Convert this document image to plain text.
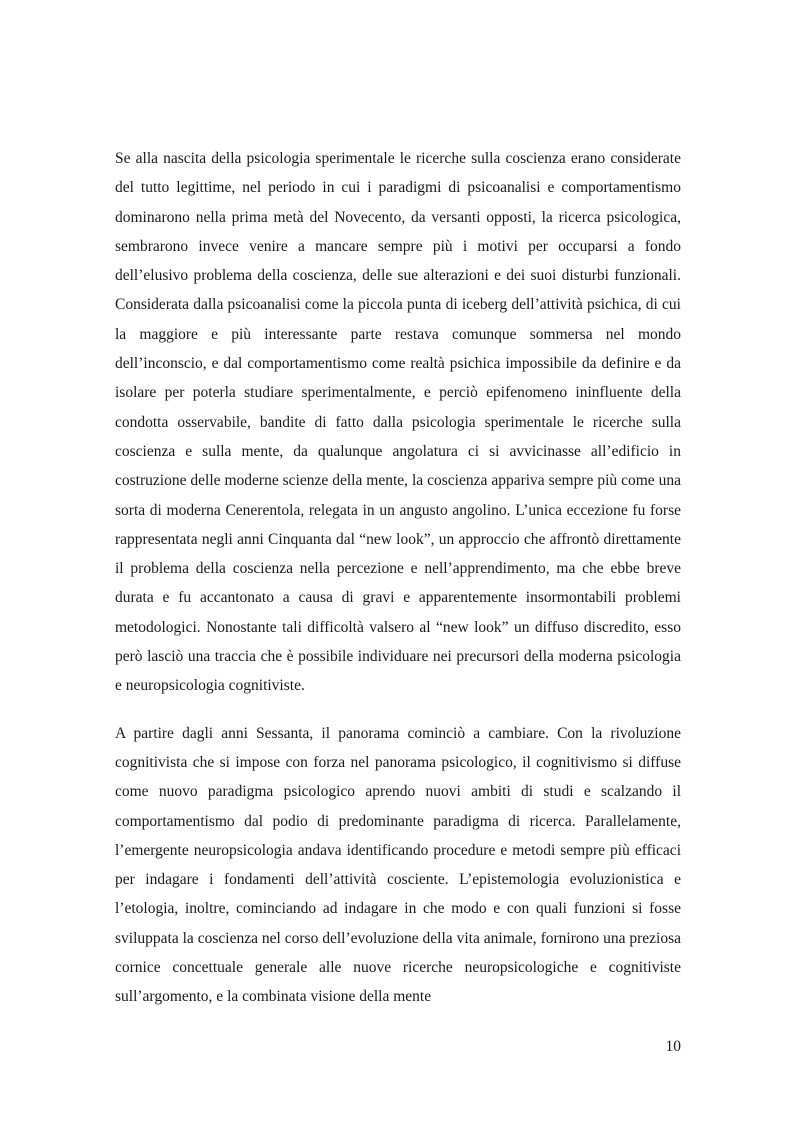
Se alla nascita della psicologia sperimentale le ricerche sulla coscienza erano considerate del tutto legittime, nel periodo in cui i paradigmi di psicoanalisi e comportamentismo dominarono nella prima metà del Novecento, da versanti opposti, la ricerca psicologica, sembrarono invece venire a mancare sempre più i motivi per occuparsi a fondo dell’elusivo problema della coscienza, delle sue alterazioni e dei suoi disturbi funzionali. Considerata dalla psicoanalisi come la piccola punta di iceberg dell’attività psichica, di cui la maggiore e più interessante parte restava comunque sommersa nel mondo dell’inconscio, e dal comportamentismo come realtà psichica impossibile da definire e da isolare per poterla studiare sperimentalmente, e perciò epifenomeno ininfluente della condotta osservabile, bandite di fatto dalla psicologia sperimentale le ricerche sulla coscienza e sulla mente, da qualunque angolatura ci si avvicinasse all’edificio in costruzione delle moderne scienze della mente, la coscienza appariva sempre più come una sorta di moderna Cenerentola, relegata in un angusto angolino. L’unica eccezione fu forse rappresentata negli anni Cinquanta dal “new look”, un approccio che affrontò direttamente il problema della coscienza nella percezione e nell’apprendimento, ma che ebbe breve durata e fu accantonato a causa di gravi e apparentemente insormontabili problemi metodologici. Nonostante tali difficoltà valsero al “new look” un diffuso discredito, esso però lasciò una traccia che è possibile individuare nei precursori della moderna psicologia e neuropsicologia cognitiviste.

A partire dagli anni Sessanta, il panorama cominciò a cambiare. Con la rivoluzione cognitivista che si impose con forza nel panorama psicologico, il cognitivismo si diffuse come nuovo paradigma psicologico aprendo nuovi ambiti di studi e scalzando il comportamentismo dal podio di predominante paradigma di ricerca. Parallelamente, l’emergente neuropsicologia andava identificando procedure e metodi sempre più efficaci per indagare i fondamenti dell’attività cosciente. L’epistemologia evoluzionistica e l’etologia, inoltre, cominciando ad indagare in che modo e con quali funzioni si fosse sviluppata la coscienza nel corso dell’evoluzione della vita animale, fornirono una preziosa cornice concettuale generale alle nuove ricerche neuropsicologiche e cognitiviste sull’argomento, e la combinata visione della mente

10
